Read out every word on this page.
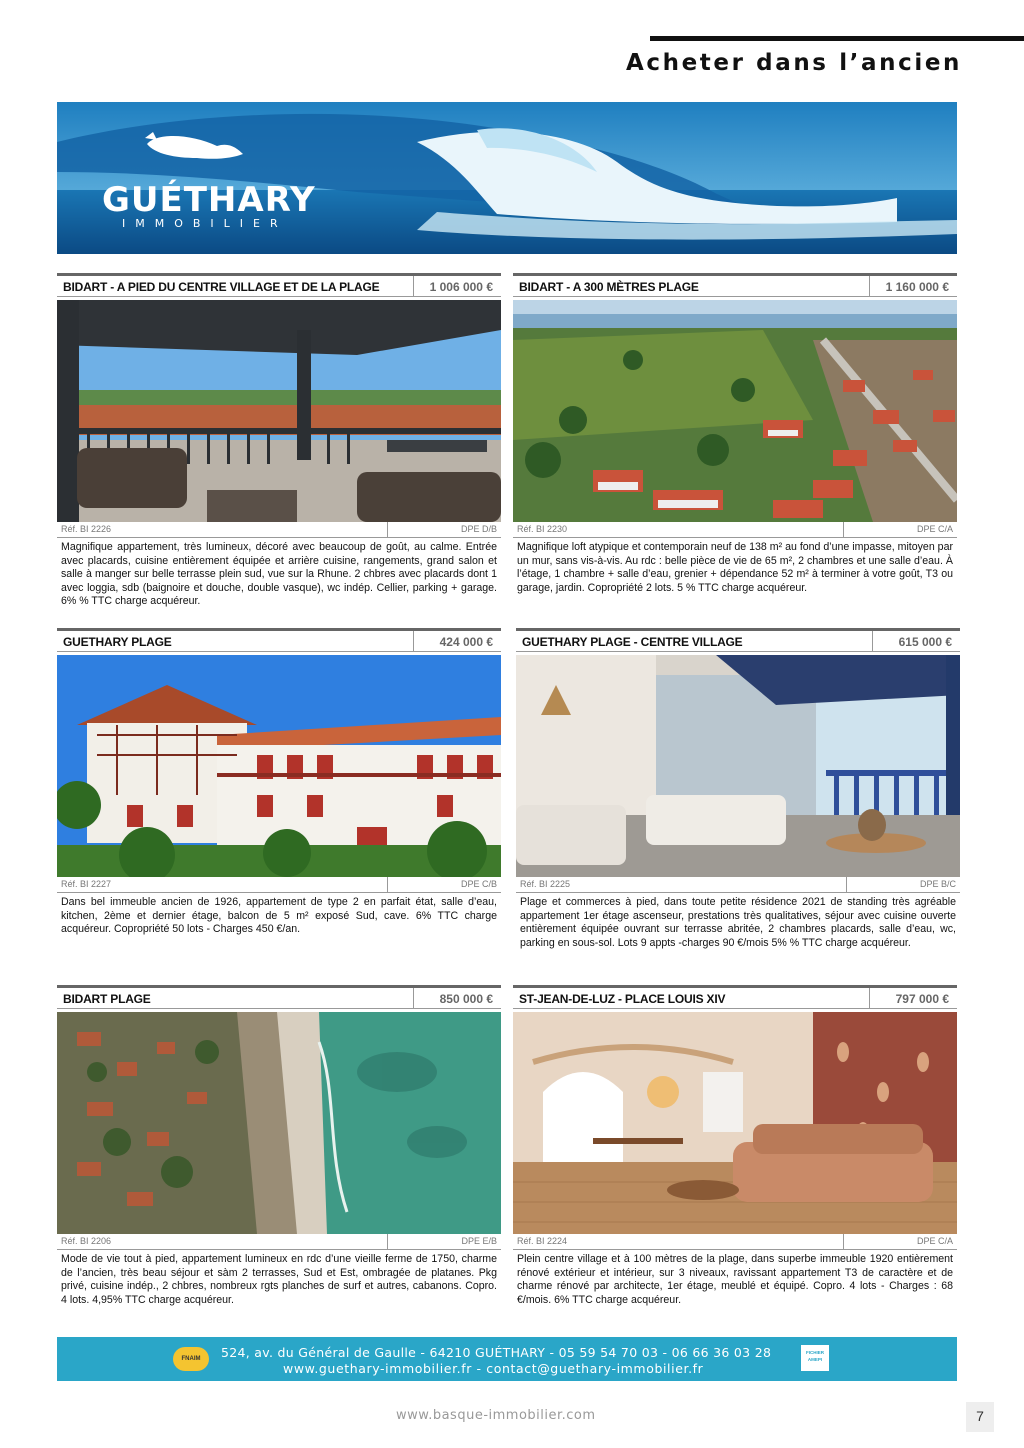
Acheter dans l’ancien
GUÉTHARY
IMMOBILIER
BIDART - A PIED DU CENTRE VILLAGE ET DE LA PLAGE	1 006 000 €
Réf. BI 2226	DPE D/B
Magnifique appartement, très lumineux, décoré avec beaucoup de goût, au calme. Entrée avec placards, cuisine entièrement équipée et arrière cuisine, rangements, grand salon et salle à manger sur belle terrasse plein sud, vue sur la Rhune. 2 chbres avec placards dont 1 avec loggia, sdb (baignoire et douche, double vasque), wc indép. Cellier, parking + garage. 6% % TTC charge acquéreur.
BIDART - A 300 MÈTRES PLAGE	1 160 000 €
Réf. BI 2230	DPE C/A
Magnifique loft atypique et contemporain neuf de 138 m² au fond d’une impasse, mitoyen par un mur, sans vis-à-vis. Au rdc : belle pièce de vie de 65 m², 2 chambres et une salle d’eau. À l’étage, 1 chambre + salle d’eau, grenier + dépendance 52 m² à terminer à votre goût, T3 ou garage, jardin. Copropriété 2 lots. 5 % TTC charge acquéreur.
GUETHARY PLAGE	424 000 €
Réf. BI 2227	DPE C/B
Dans bel immeuble ancien de 1926, appartement de type 2 en parfait état, salle d’eau, kitchen, 2ème et dernier étage, balcon de 5 m² exposé Sud, cave. 6% TTC charge acquéreur. Copropriété 50 lots - Charges 450 €/an.
GUETHARY PLAGE - CENTRE VILLAGE	615 000 €
Réf. BI 2225	DPE B/C
Plage et commerces à pied, dans toute petite résidence 2021 de standing très agréable appartement 1er étage ascenseur, prestations très qualitatives, séjour avec cuisine ouverte entièrement équipée ouvrant sur terrasse abritée, 2 chambres placards, salle d’eau, wc, parking en sous-sol. Lots 9 appts -charges 90 €/mois 5% % TTC charge acquéreur.
BIDART PLAGE	850 000 €
Réf. BI 2206	DPE E/B
Mode de vie tout à pied, appartement lumineux en rdc d’une vieille ferme de 1750, charme de l’ancien, très beau séjour et sàm 2 terrasses, Sud et Est, ombragée de platanes. Pkg privé, cuisine indép., 2 chbres, nombreux rgts planches de surf et autres, cabanons. Copro. 4 lots. 4,95% TTC charge acquéreur.
ST-JEAN-DE-LUZ - PLACE LOUIS XIV	797 000 €
Réf. BI 2224	DPE C/A
Plein centre village et à 100 mètres de la plage, dans superbe immeuble 1920 entièrement rénové extérieur et intérieur, sur 3 niveaux, ravissant appartement T3 de caractère et de charme rénové par architecte, 1er étage, meublé et équipé. Copro. 4 lots - Charges : 68 €/mois. 6% TTC charge acquéreur.
FNAIM	524, av. du Général de Gaulle - 64210 GUÉTHARY - 05 59 54 70 03 - 06 66 36 03 28
www.guethary-immobilier.fr - contact@guethary-immobilier.fr
FICHIER AMEPI
www.basque-immobilier.com	7
